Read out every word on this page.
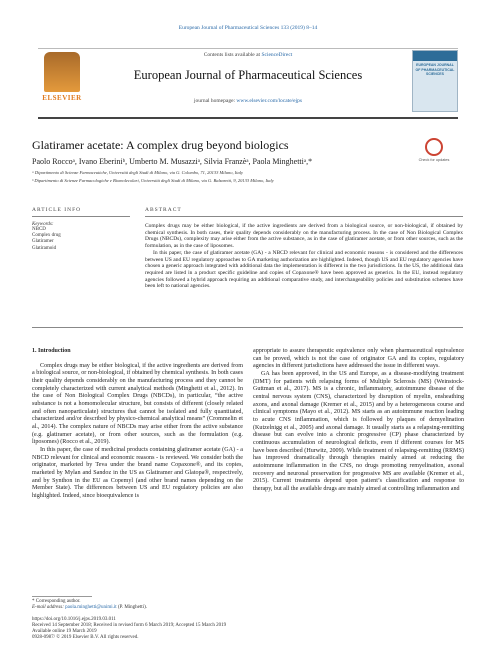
European Journal of Pharmaceutical Sciences 133 (2019) 8–14
ELSEVIER
Contents lists available at ScienceDirect
European Journal of Pharmaceutical Sciences
journal homepage: www.elsevier.com/locate/ejps
EUROPEAN JOURNAL OF PHARMACEUTICAL SCIENCES
Glatiramer acetate: A complex drug beyond biologics
Check for updates
Paolo Roccoᵃ, Ivano Eberiniᵇ, Umberto M. Musazziᵃ, Silvia Franzèᵃ, Paola Minghettiᵃ,*
ᵃ Dipartimento di Scienze Farmaceutiche, Università degli Studi di Milano, via G. Colombo, 71, 20133 Milano, Italy
ᵇ Dipartimento di Scienze Farmacologiche e Biomolecolari, Università degli Studi di Milano, via G. Balzaretti, 9, 20133 Milano, Italy
ARTICLE INFO	ABSTRACT
Keywords:
NBCD
Complex drug
Glatiramer
Glatiramoid

Complex drugs may be either biological, if the active ingredients are derived from a biological source, or non-biological, if obtained by chemical synthesis. In both cases, their quality depends considerably on the manufacturing process. In the case of Non Biological Complex Drugs (NBCDs), complexity may arise either from the active substance, as in the case of glatiramer acetate, or from other sources, such as the formulation, as in the case of liposomes.

In this paper, the case of glatiramer acetate (GA) - a NBCD relevant for clinical and economic reasons - is considered and the differences between US and EU regulatory approaches to GA marketing authorization are highlighted. Indeed, though US and EU regulatory agencies have chosen a generic approach integrated with additional data the implementation is different in the two jurisdictions. In the US, the additional data required are listed in a product specific guideline and copies of Copaxone® have been approved as generics. In the EU, instead regulatory agencies followed a hybrid approach requiring an additional comparative study, and interchangeability policies and substitution schemes have been left to national agencies.

1. Introduction

Complex drugs may be either biological, if the active ingredients are derived from a biological source, or non-biological, if obtained by chemical synthesis. In both cases their quality depends considerably on the manufacturing process and they cannot be completely characterized with current analytical methods (Minghetti et al., 2012). In the case of Non Biological Complex Drugs (NBCDs), in particular, “the active substance is not a homomolecular structure, but consists of different (closely related and often nanoparticulate) structures that cannot be isolated and fully quantitated, characterized and/or described by physico-chemical analytical means” (Crommelin et al., 2014). The complex nature of NBCDs may arise either from the active substance (e.g. glatiramer acetate), or from other sources, such as the formulation (e.g. liposomes) (Rocco et al., 2019).

In this paper, the case of medicinal products containing glatiramer acetate (GA) - a NBCD relevant for clinical and economic reasons - is reviewed. We consider both the originator, marketed by Teva under the brand name Copaxone®, and its copies, marketed by Mylan and Sandoz in the US as Glatiramer and Glatopa®, respectively, and by Synthon in the EU as Copemyl (and other brand names depending on the Member State). The differences between US and EU regulatory policies are also highlighted. Indeed, since bioequivalence is

appropriate to assure therapeutic equivalence only when pharmaceutical equivalence can be proved, which is not the case of originator GA and its copies, regulatory agencies in different jurisdictions have addressed the issue in different ways.

GA has been approved, in the US and Europe, as a disease-modifying treatment (DMT) for patients with relapsing forms of Multiple Sclerosis (MS) (Weinstock-Guttman et al., 2017). MS is a chronic, inflammatory, autoimmune disease of the central nervous system (CNS), characterized by disruption of myelin, ensheathing axons, and axonal damage (Kremer et al., 2015) and by a heterogeneous course and clinical symptoms (Mayo et al., 2012). MS starts as an autoimmune reaction leading to acute CNS inflammation, which is followed by plaques of demyelination (Kutzelnigg et al., 2005) and axonal damage. It usually starts as a relapsing-remitting disease but can evolve into a chronic progressive (CP) phase characterized by continuous accumulation of neurological deficits, even if different courses for MS have been described (Hurwitz, 2009). While treatment of relapsing-remitting (RRMS) has improved dramatically through therapies mainly aimed at reducing the autoimmune inflammation in the CNS, no drugs promoting remyelination, axonal recovery and neuronal preservation for progressive MS are available (Kremer et al., 2015). Current treatments depend upon patient’s classification and response to therapy, but all the available drugs are mainly aimed at controlling inflammation and

* Corresponding author.
E-mail address: paola.minghetti@unimi.it (P. Minghetti).
https://doi.org/10.1016/j.ejps.2019.03.011
Received 14 September 2018; Received in revised form 6 March 2019; Accepted 15 March 2019
Available online 19 March 2019
0928-0987/ © 2019 Elsevier B.V. All rights reserved.
